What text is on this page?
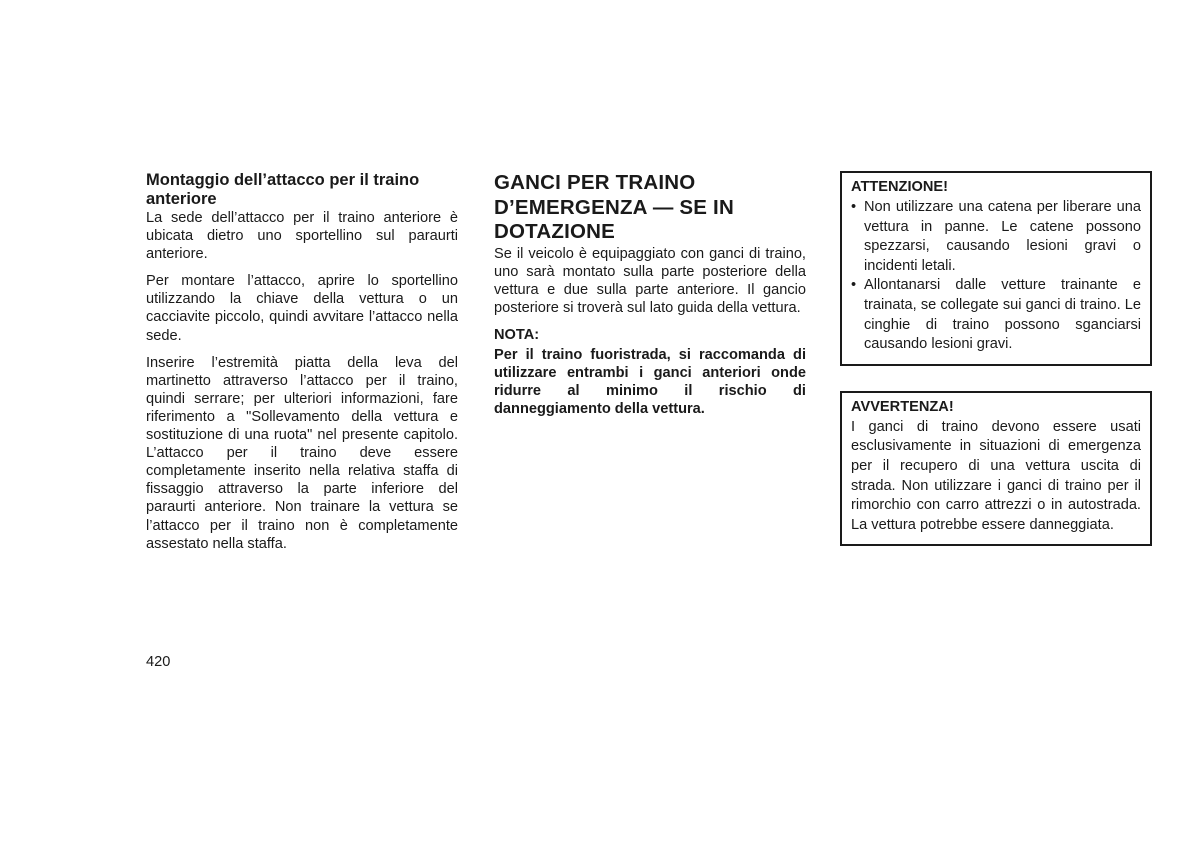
Montaggio dell’attacco per il traino anteriore

La sede dell’attacco per il traino anteriore è ubicata dietro uno sportellino sul paraurti anteriore.

Per montare l’attacco, aprire lo sportellino utilizzando la chiave della vettura o un cacciavite piccolo, quindi avvitare l’attacco nella sede.

Inserire l’estremità piatta della leva del martinetto attraverso l’attacco per il traino, quindi serrare; per ulteriori informazioni, fare riferimento a "Sollevamento della vettura e sostituzione di una ruota" nel presente capitolo. L’attacco per il traino deve essere completamente inserito nella relativa staffa di fissaggio attraverso la parte inferiore del paraurti anteriore. Non trainare la vettura se l’attacco per il traino non è completamente assestato nella staffa.

GANCI PER TRAINO D’EMERGENZA — SE IN DOTAZIONE

Se il veicolo è equipaggiato con ganci di traino, uno sarà montato sulla parte posteriore della vettura e due sulla parte anteriore. Il gancio posteriore si troverà sul lato guida della vettura.

NOTA:

Per il traino fuoristrada, si raccomanda di utilizzare entrambi i ganci anteriori onde ridurre al minimo il rischio di danneggiamento della vettura.

ATTENZIONE!

• Non utilizzare una catena per liberare una vettura in panne. Le catene possono spezzarsi, causando lesioni gravi o incidenti letali.
• Allontanarsi dalle vetture trainante e trainata, se collegate sui ganci di traino. Le cinghie di traino possono sganciarsi causando lesioni gravi.

AVVERTENZA!

I ganci di traino devono essere usati esclusivamente in situazioni di emergenza per il recupero di una vettura uscita di strada. Non utilizzare i ganci di traino per il rimorchio con carro attrezzi o in autostrada. La vettura potrebbe essere danneggiata.

420
